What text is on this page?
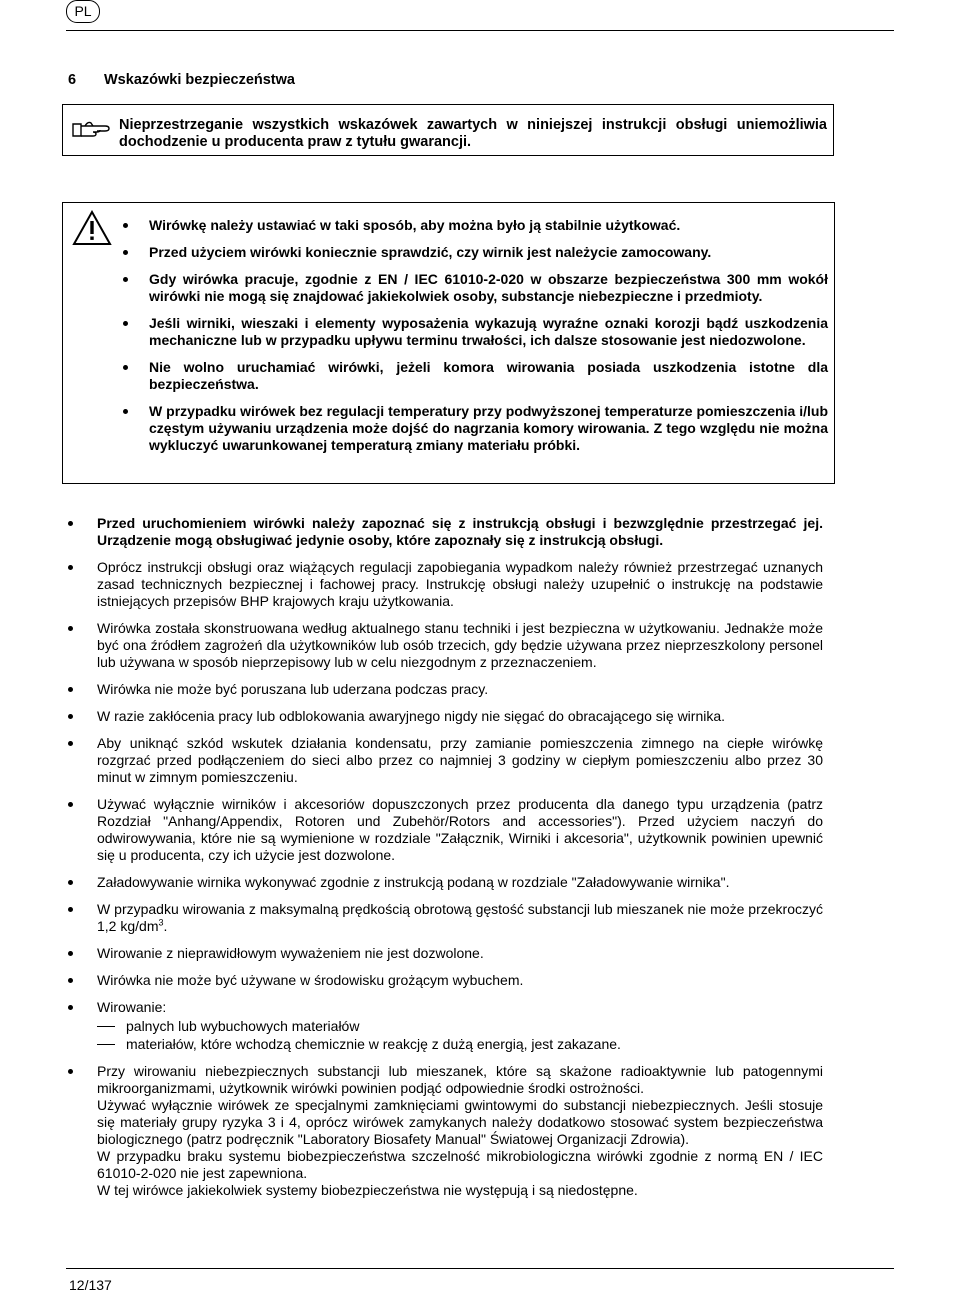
PL
6 Wskazówki bezpieczeństwa
Nieprzestrzeganie wszystkich wskazówek zawartych w niniejszej instrukcji obsługi uniemożliwia dochodzenie u producenta praw z tytułu gwarancji.
Wirówkę należy ustawiać w taki sposób, aby można było ją stabilnie użytkować.
Przed użyciem wirówki koniecznie sprawdzić, czy wirnik jest należycie zamocowany.
Gdy wirówka pracuje, zgodnie z EN / IEC 61010-2-020 w obszarze bezpieczeństwa 300 mm wokół wirówki nie mogą się znajdować jakiekolwiek osoby, substancje niebezpieczne i przedmioty.
Jeśli wirniki, wieszaki i elementy wyposażenia wykazują wyraźne oznaki korozji bądź uszkodzenia mechaniczne lub w przypadku upływu terminu trwałości, ich dalsze stosowanie jest niedozwolone.
Nie wolno uruchamiać wirówki, jeżeli komora wirowania posiada uszkodzenia istotne dla bezpieczeństwa.
W przypadku wirówek bez regulacji temperatury przy podwyższonej temperaturze pomieszczenia i/lub częstym używaniu urządzenia może dojść do nagrzania komory wirowania. Z tego względu nie można wykluczyć uwarunkowanej temperaturą zmiany materiału próbki.
Przed uruchomieniem wirówki należy zapoznać się z instrukcją obsługi i bezwzględnie przestrzegać jej. Urządzenie mogą obsługiwać jedynie osoby, które zapoznały się z instrukcją obsługi.
Oprócz instrukcji obsługi oraz wiążących regulacji zapobiegania wypadkom należy również przestrzegać uznanych zasad technicznych bezpiecznej i fachowej pracy. Instrukcję obsługi należy uzupełnić o instrukcję na podstawie istniejących przepisów BHP krajowych kraju użytkowania.
Wirówka została skonstruowana według aktualnego stanu techniki i jest bezpieczna w użytkowaniu. Jednakże może być ona źródłem zagrożeń dla użytkowników lub osób trzecich, gdy będzie używana przez nieprzeszkolony personel lub używana w sposób nieprzepisowy lub w celu niezgodnym z przeznaczeniem.
Wirówka nie może być poruszana lub uderzana podczas pracy.
W razie zakłócenia pracy lub odblokowania awaryjnego nigdy nie sięgać do obracającego się wirnika.
Aby uniknąć szkód wskutek działania kondensatu, przy zamianie pomieszczenia zimnego na ciepłe wirówkę rozgrzać przed podłączeniem do sieci albo przez co najmniej 3 godziny w ciepłym pomieszczeniu albo przez 30 minut w zimnym pomieszczeniu.
Używać wyłącznie wirników i akcesoriów dopuszczonych przez producenta dla danego typu urządzenia (patrz Rozdział "Anhang/Appendix, Rotoren und Zubehör/Rotors and accessories"). Przed użyciem naczyń do odwirowywania, które nie są wymienione w rozdziale "Załącznik, Wirniki i akcesoria", użytkownik powinien upewnić się u producenta, czy ich użycie jest dozwolone.
Załadowywanie wirnika wykonywać zgodnie z instrukcją podaną w rozdziale "Załadowywanie wirnika".
W przypadku wirowania z maksymalną prędkością obrotową gęstość substancji lub mieszanek nie może przekroczyć 1,2 $kg/dm^3$.
Wirowanie z nieprawidłowym wyważeniem nie jest dozwolone.
Wirówka nie może być używane w środowisku grożącym wybuchem.

Wirowanie:

palnych lub wybuchowych materiałów
materiałów, które wchodzą chemicznie w reakcję z dużą energią, jest zakazane.

Przy wirowaniu niebezpiecznych substancji lub mieszanek, które są skażone radioaktywnie lub patogennymi mikroorganizmami, użytkownik wirówki powinien podjąć odpowiednie środki ostrożności.

Używać wyłącznie wirówek ze specjalnymi zamknięciami gwintowymi do substancji niebezpiecznych. Jeśli stosuje się materiały grupy ryzyka 3 i 4, oprócz wirówek zamykanych należy dodatkowo stosować system bezpieczeństwa biologicznego (patrz podręcznik "Laboratory Biosafety Manual" Światowej Organizacji Zdrowia).

W przypadku braku systemu biobezpieczeństwa szczelność mikrobiologiczna wirówki zgodnie z normą EN / IEC 61010-2-020 nie jest zapewniona.

W tej wirówce jakiekolwiek systemy biobezpieczeństwa nie występują i są niedostępne.

12/137
